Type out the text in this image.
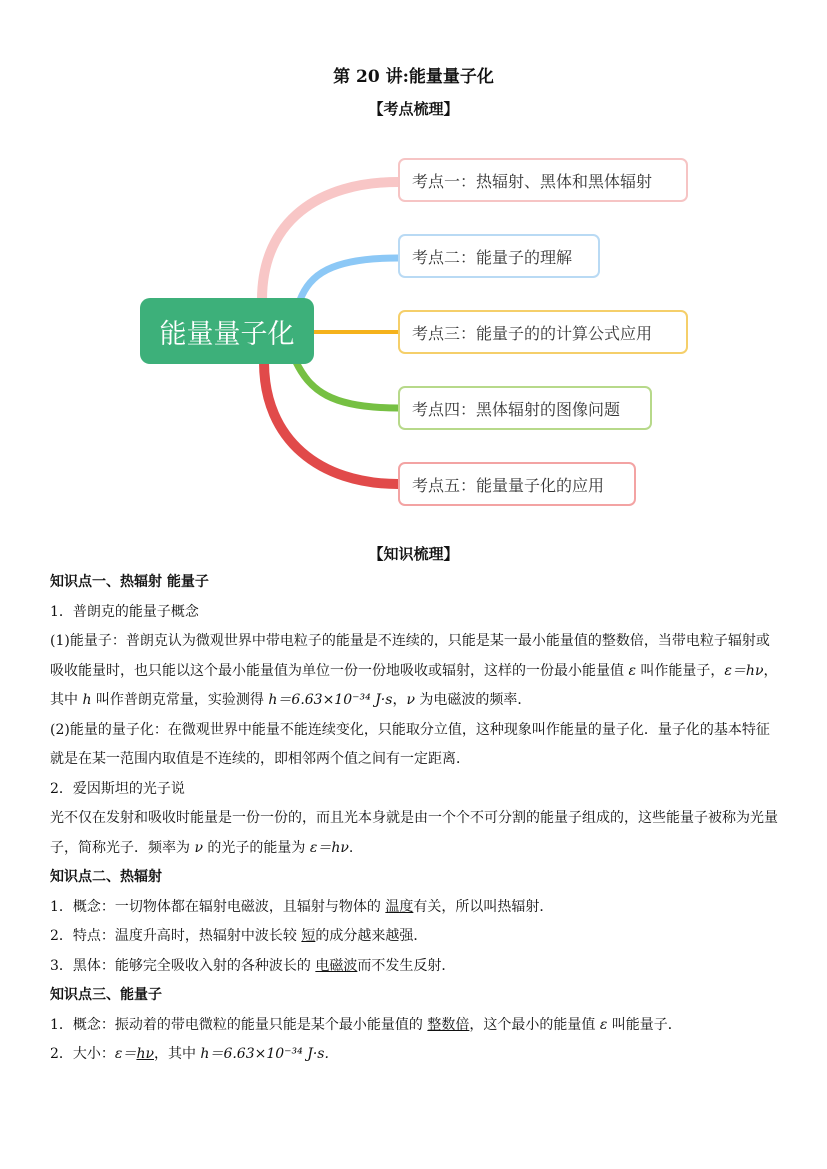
第 20 讲:能量量子化
【考点梳理】
能量量子化
考点一：热辐射、黑体和黑体辐射
考点二：能量子的理解
考点三：能量子的的计算公式应用
考点四：黑体辐射的图像问题
考点五：能量量子化的应用
【知识梳理】

知识点一、热辐射 能量子

1．普朗克的能量子概念

(1)能量子：普朗克认为微观世界中带电粒子的能量是不连续的，只能是某一最小能量值的整数倍，当带电粒子辐射或吸收能量时，也只能以这个最小能量值为单位一份一份地吸收或辐射，这样的一份最小能量值 ε 叫作能量子，ε＝hν，其中 h 叫作普朗克常量，实验测得 h＝6.63×10⁻³⁴ J·s，ν 为电磁波的频率．

(2)能量的量子化：在微观世界中能量不能连续变化，只能取分立值，这种现象叫作能量的量子化．量子化的基本特征就是在某一范围内取值是不连续的，即相邻两个值之间有一定距离．

2．爱因斯坦的光子说

光不仅在发射和吸收时能量是一份一份的，而且光本身就是由一个个不可分割的能量子组成的，这些能量子被称为光量子，简称光子．频率为 ν 的光子的能量为 ε＝hν.

知识点二、热辐射

1．概念：一切物体都在辐射电磁波，且辐射与物体的 温度有关，所以叫热辐射．

2．特点：温度升高时，热辐射中波长较 短的成分越来越强．

3．黑体：能够完全吸收入射的各种波长的 电磁波而不发生反射．

知识点三、能量子

1．概念：振动着的带电微粒的能量只能是某个最小能量值的 整数倍，这个最小的能量值 ε 叫能量子．

2．大小：ε＝hν，其中 h＝6.63×10⁻³⁴ J·s.
